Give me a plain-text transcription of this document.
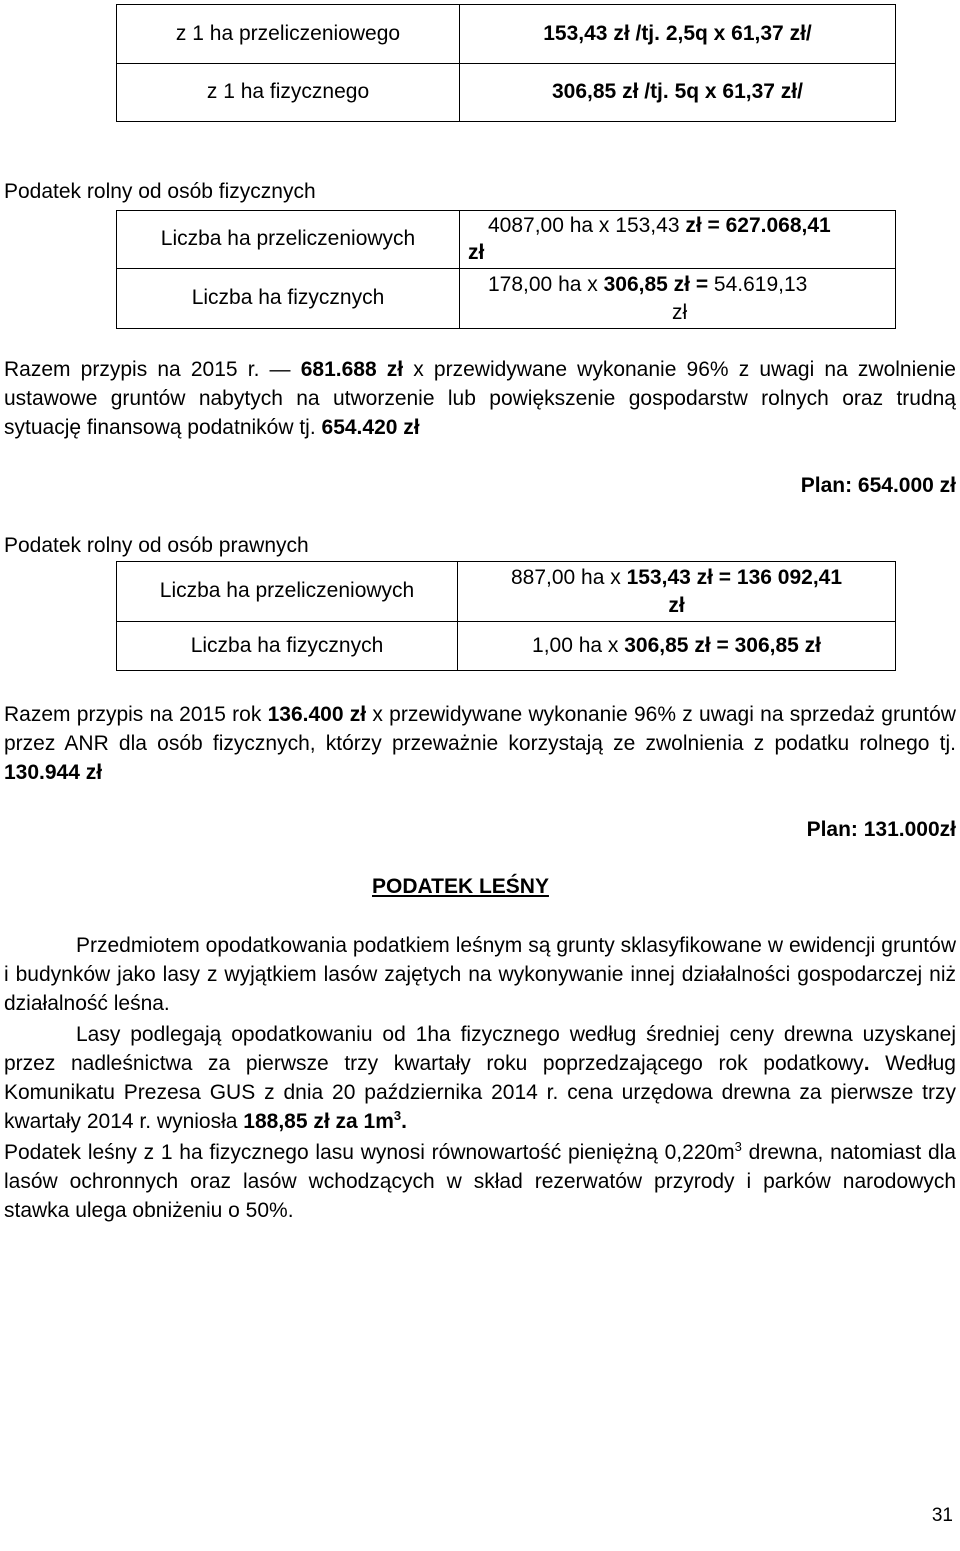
z 1 ha przeliczeniowego	153,43 zł /tj. 2,5q x 61,37 zł/
z 1 ha fizycznego	306,85 zł /tj. 5q x 61,37 zł/
Podatek rolny od osób fizycznych
Liczba ha przeliczeniowych	4087,00 ha x 153,43 zł = 627.068,41
zł

Liczba ha fizycznych	178,00 ha x 306,85 zł = 54.619,13
zł

Razem przypis na 2015 r. — 681.688 zł x przewidywane wykonanie 96% z uwagi na zwolnienie ustawowe gruntów nabytych na utworzenie lub powiększenie gospodarstw rolnych oraz trudną sytuację finansową podatników tj. 654.420 zł

Plan: 654.000 zł
Podatek rolny od osób prawnych
Liczba ha przeliczeniowych	887,00 ha x 153,43 zł = 136 092,41
zł

Liczba ha fizycznych	1,00 ha x 306,85 zł = 306,85 zł

Razem przypis na 2015 rok 136.400 zł x przewidywane wykonanie 96% z uwagi na sprzedaż gruntów przez ANR dla osób fizycznych, którzy przeważnie korzystają ze zwolnienia z podatku rolnego tj. 130.944 zł

Plan: 131.000zł
PODATEK LEŚNY

Przedmiotem opodatkowania podatkiem leśnym są grunty sklasyfikowane w ewidencji gruntów i budynków jako lasy z wyjątkiem lasów zajętych na wykonywanie innej działalności gospodarczej niż działalność leśna.

Lasy podlegają opodatkowaniu od 1ha fizycznego według średniej ceny drewna uzyskanej przez nadleśnictwa za pierwsze trzy kwartały roku poprzedzającego rok podatkowy. Według Komunikatu Prezesa GUS z dnia 20 października 2014 r. cena urzędowa drewna za pierwsze trzy kwartały 2014 r. wyniosła 188,85 zł za $1m^3$.

Podatek leśny z 1 ha fizycznego lasu wynosi równowartość pieniężną $0,220m^3$ drewna, natomiast dla lasów ochronnych oraz lasów wchodzących w skład rezerwatów przyrody i parków narodowych stawka ulega obniżeniu o 50%.

31
